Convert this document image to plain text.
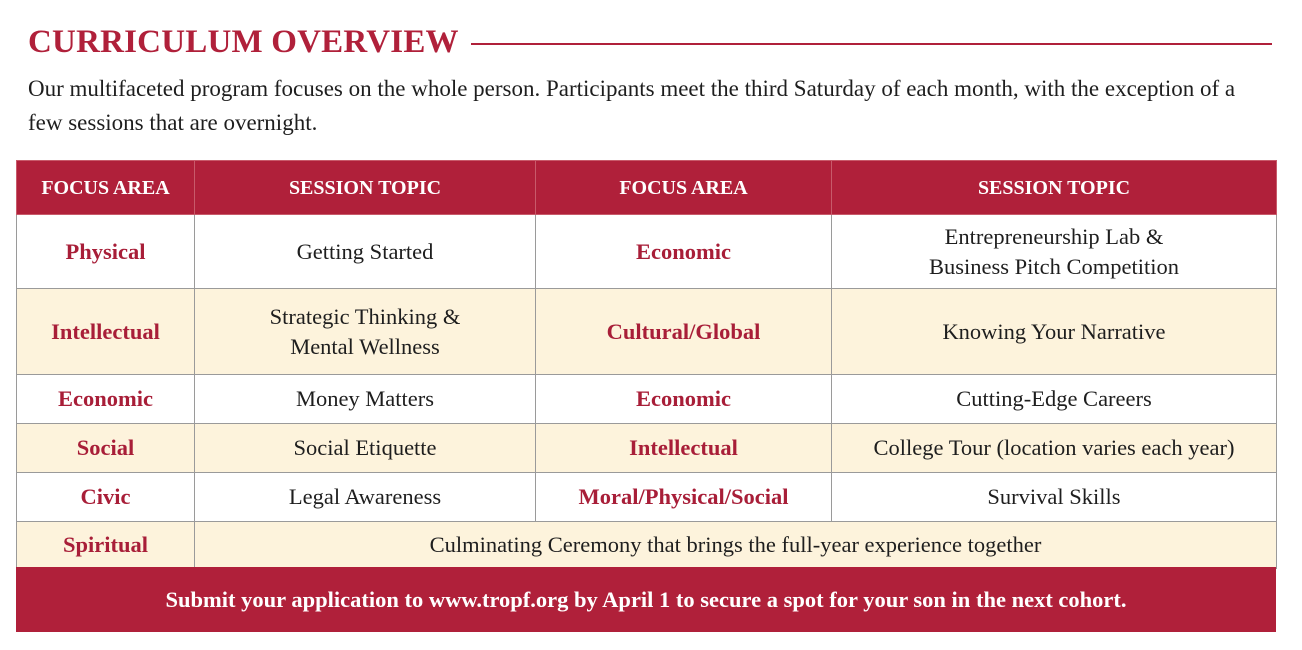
CURRICULUM OVERVIEW
Our multifaceted program focuses on the whole person. Participants meet the third Saturday of each month, with the exception of a few sessions that are overnight.
FOCUS AREA	SESSION TOPIC	FOCUS AREA	SESSION TOPIC
Physical	Getting Started	Economic	Entrepreneurship Lab &
Business Pitch Competition
Intellectual	Strategic Thinking &
Mental Wellness	Cultural/Global	Knowing Your Narrative
Economic	Money Matters	Economic	Cutting-Edge Careers
Social	Social Etiquette	Intellectual	College Tour (location varies each year)
Civic	Legal Awareness	Moral/Physical/Social	Survival Skills
Spiritual	Culminating Ceremony that brings the full-year experience together		
Submit your application to www.tropf.org by April 1 to secure a spot for your son in the next cohort.
